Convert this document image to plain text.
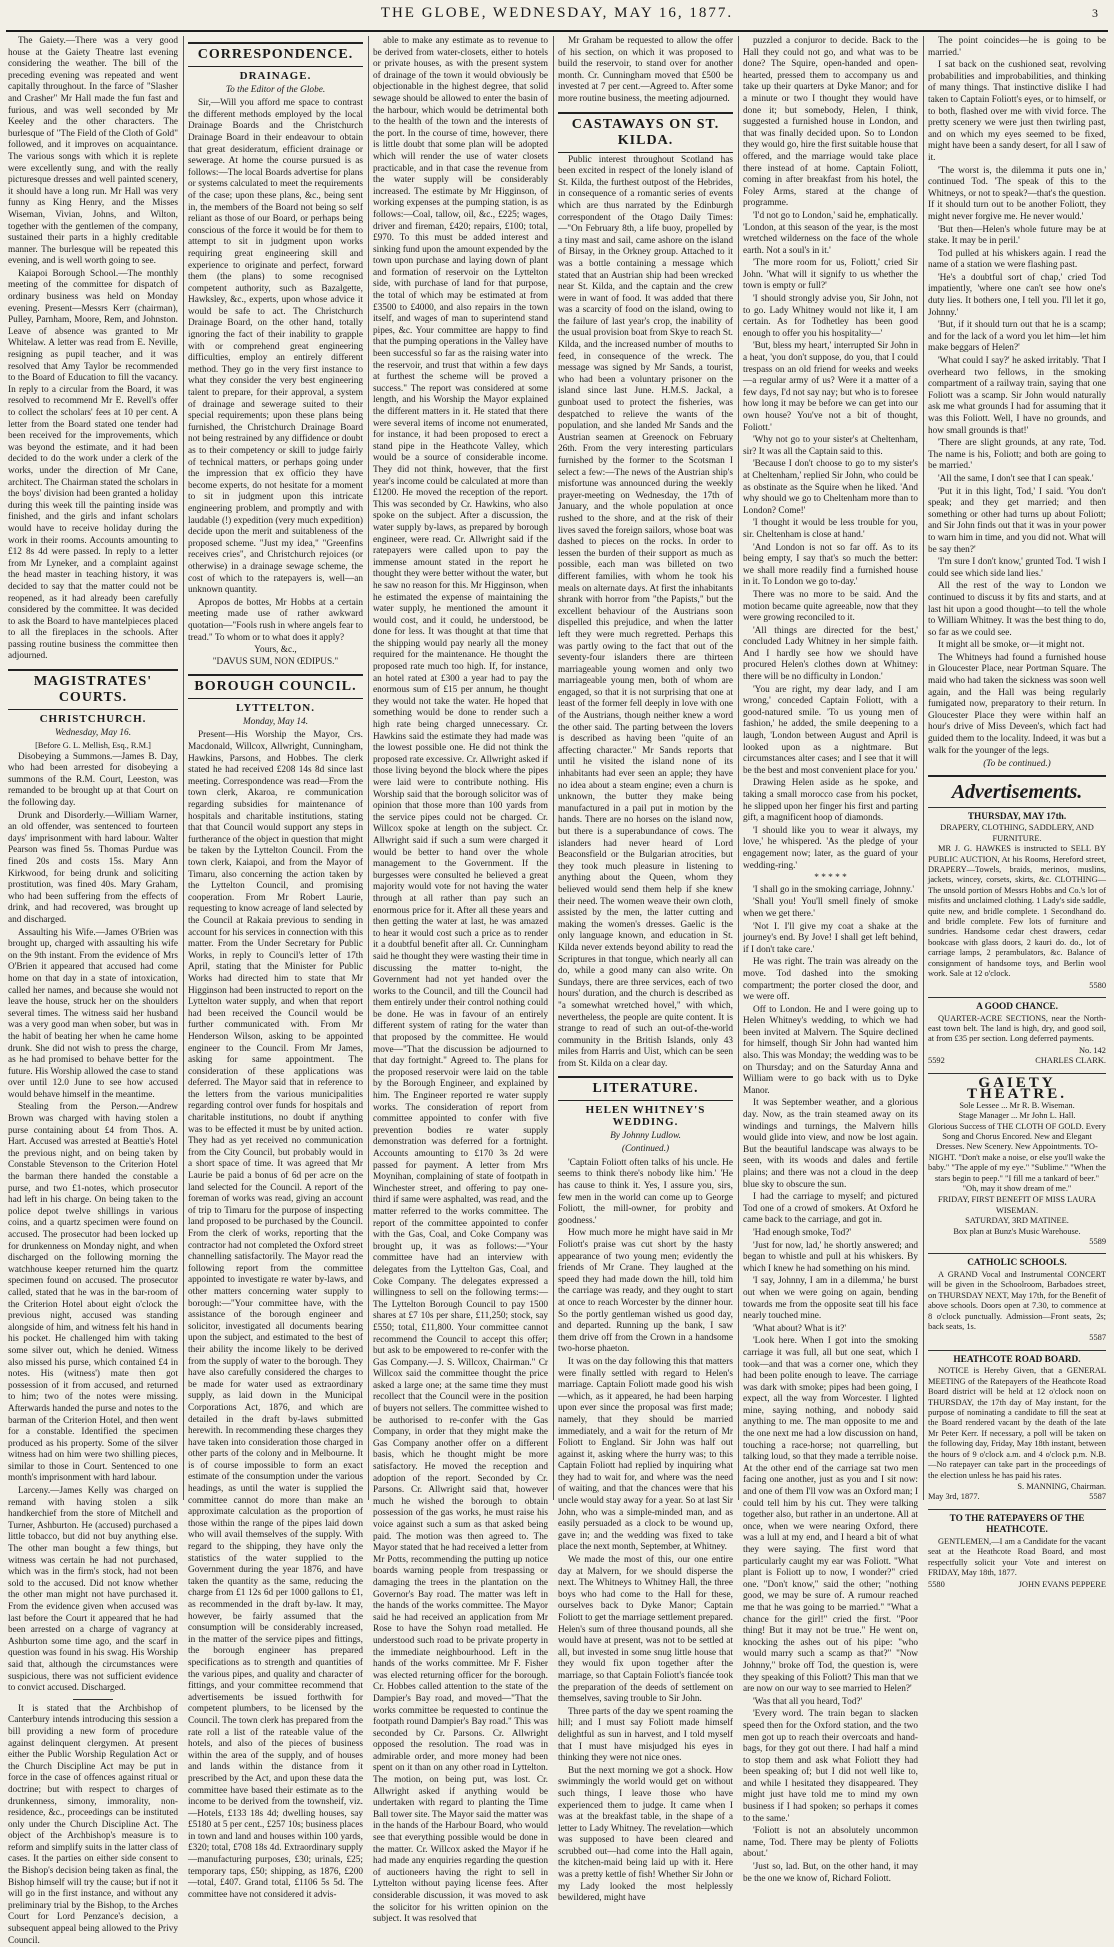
THE GLOBE, WEDNESDAY, MAY 16, 1877.	3

The Gaiety.—There was a very good house at the Gaiety Theatre last evening considering the weather. The bill of the preceding evening was repeated and went capitally throughout. In the farce of "Slasher and Crasher" Mr Hall made the fun fast and furious, and was well seconded by Mr Keeley and the other characters. The burlesque of "The Field of the Cloth of Gold" followed, and it improves on acquaintance. The various songs with which it is replete were excellently sung, and with the really picturesque dresses and well painted scenery, it should have a long run. Mr Hall was very funny as King Henry, and the Misses Wiseman, Vivian, Johns, and Wilton, together with the gentlemen of the company, sustained their parts in a highly creditable manner. The burlesque will be repeated this evening, and is well worth going to see.

Kaiapoi Borough School.—The monthly meeting of the committee for dispatch of ordinary business was held on Monday evening. Present—Messrs Kerr (chairman), Pulley, Parnham, Moore, Rem, and Johnston. Leave of absence was granted to Mr Whitelaw. A letter was read from E. Neville, resigning as pupil teacher, and it was resolved that Amy Taylor be recommended to the Board of Education to fill the vacancy. In reply to a circular from the Board, it was resolved to recommend Mr E. Revell's offer to collect the scholars' fees at 10 per cent. A letter from the Board stated one tender had been received for the improvements, which was beyond the estimate, and it had been decided to do the work under a clerk of the works, under the direction of Mr Cane, architect. The Chairman stated the scholars in the boys' division had been granted a holiday during this week till the painting inside was finished, and the girls and infant scholars would have to receive holiday during the work in their rooms. Accounts amounting to £12 8s 4d were passed. In reply to a letter from Mr Lyneker, and a complaint against the head master in teaching history, it was decided to say that the matter could not be reopened, as it had already been carefully considered by the committee. It was decided to ask the Board to have mantelpieces placed to all the fireplaces in the schools. After passing routine business the committee then adjourned.

MAGISTRATES' COURTS.
CHRISTCHURCH.
Wednesday, May 16.
[Before G. L. Mellish, Esq., R.M.]

Disobeying a Summons.—James B. Day, who had been arrested for disobeying a summons of the R.M. Court, Leeston, was remanded to be brought up at that Court on the following day.

Drunk and Disorderly.—William Warner, an old offender, was sentenced to fourteen days' imprisonment with hard labour. Walter Pearson was fined 5s. Thomas Purdue was fined 20s and costs 15s. Mary Ann Kirkwood, for being drunk and soliciting prostitution, was fined 40s. Mary Graham, who had been suffering from the effects of drink, and had recovered, was brought up and discharged.

Assaulting his Wife.—James O'Brien was brought up, charged with assaulting his wife on the 9th instant. From the evidence of Mrs O'Brien it appeared that accused had come home on that day in a state of intoxication, called her names, and because she would not leave the house, struck her on the shoulders several times. The witness said her husband was a very good man when sober, but was in the habit of beating her when he came home drunk. She did not wish to press the charge, as he had promised to behave better for the future. His Worship allowed the case to stand over until 12.0 June to see how accused would behave himself in the meantime.

Stealing from the Person.—Andrew Brown was charged with having stolen a purse containing about £4 from Thos. A. Hart. Accused was arrested at Beattie's Hotel the previous night, and on being taken by Constable Stevenson to the Criterion Hotel the barman there handed the constable a purse, and two £1-notes, which prosecutor had left in his charge. On being taken to the police depot twelve shillings in various coins, and a quartz specimen were found on accused. The prosecutor had been locked up for drunkenness on Monday night, and when discharged on the following morning the watchhouse keeper returned him the quartz specimen found on accused. The prosecutor called, stated that he was in the bar-room of the Criterion Hotel about eight o'clock the previous night, accused was standing alongside of him, and witness felt his hand in his pocket. He challenged him with taking some silver out, which he denied. Witness also missed his purse, which contained £4 in notes. His (witness') mate then got possession of it from accused, and returned to him; two of the notes were missing. Afterwards handed the purse and notes to the barman of the Criterion Hotel, and then went for a constable. Identified the specimen produced as his property. Some of the silver witness had on him were two shilling pieces, similar to those in Court. Sentenced to one month's imprisonment with hard labour.

Larceny.—James Kelly was charged on remand with having stolen a silk handkerchief from the store of Mitchell and Turner, Ashburton. He (accused) purchased a little tobacco, but did not buy anything else. The other man bought a few things, but witness was certain he had not purchased, which was in the firm's stock, had not been sold to the accused. Did not know whether the other man might not have purchased it. From the evidence given when accused was last before the Court it appeared that he had been arrested on a charge of vagrancy at Ashburton some time ago, and the scarf in question was found in his swag. His Worship said that, although the circumstances were suspicious, there was not sufficient evidence to convict accused. Discharged.

It is stated that the Archbishop of Canterbury intends introducing this session a bill providing a new form of procedure against delinquent clergymen. At present either the Public Worship Regulation Act or the Church Discipline Act may be put in force in the case of offences against ritual or doctrine; but with respect to charges of drunkenness, simony, immorality, non-residence, &c., proceedings can be instituted only under the Church Discipline Act. The object of the Archbishop's measure is to reform and simplify suits in the latter class of cases. It the parties on either side consent to the Bishop's decision being taken as final, the Bishop himself will try the cause; but if not it will go in the first instance, and without any preliminary trial by the Bishop, to the Arches Court for Lord Penzance's decision, a subsequent appeal being allowed to the Privy Council.

CORRESPONDENCE.
DRAINAGE.
To the Editor of the Globe.

Sir,—Will you afford me space to contrast the different methods employed by the local Drainage Boards and the Christchurch Drainage Board in their endeavour to obtain that great desideratum, efficient drainage or sewerage. At home the course pursued is as follows:—The local Boards advertise for plans or systems calculated to meet the requirements of the case; upon these plans, &c., being sent in, the members of the Board not being so self reliant as those of our Board, or perhaps being conscious of the force it would be for them to attempt to sit in judgment upon works requiring great engineering skill and experience to originate and perfect, forward them (the plans) to some recognised competent authority, such as Bazalgette, Hawksley, &c., experts, upon whose advice it would be safe to act. The Christchurch Drainage Board, on the other hand, totally ignoring the fact of their inability to grapple with or comprehend great engineering difficulties, employ an entirely different method. They go in the very first instance to what they consider the very best engineering talent to prepare, for their approval, a system of drainage and sewerage suited to their special requirements; upon these plans being furnished, the Christchurch Drainage Board not being restrained by any diffidence or doubt as to their competency or skill to judge fairly of technical matters, or perhaps going under the impression that ex officio they have become experts, do not hesitate for a moment to sit in judgment upon this intricate engineering problem, and promptly and with laudable (!) expedition (very much expedition) decide upon the merit and suitableness of the proposed scheme. "Just my idea," "Greenfins receives cries", and Christchurch rejoices (or otherwise) in a drainage sewage scheme, the cost of which to the ratepayers is, well—an unknown quantity.

Apropos de bottes, Mr Hobbs at a certain meeting made use of rather awkward quotation—"Fools rush in where angels fear to tread." To whom or to what does it apply?

Yours, &c.,
"DAVUS SUM, NON ŒDIPUS."
BOROUGH COUNCIL.
LYTTELTON.
Monday, May 14.

Present—His Worship the Mayor, Crs. Macdonald, Willcox, Allwright, Cunningham, Hawkins, Parsons, and Hobbes. The clerk stated he had received £208 14s 8d since last meeting. Correspondence was read—From the town clerk, Akaroa, re communication regarding subsidies for maintenance of hospitals and charitable institutions, stating that that Council would support any steps in furtherance of the object in question that might be taken by the Lyttelton Council. From the town clerk, Kaiapoi, and from the Mayor of Timaru, also concerning the action taken by the Lyttelton Council, and promising cooperation. From Mr Robert Laurie, requesting to know acreage of land selected by the Council at Rakaia previous to sending in account for his services in connection with this matter. From the Under Secretary for Public Works, in reply to Council's letter of 17th April, stating that the Minister for Public Works had directed him to state that Mr Higginson had been instructed to report on the Lyttelton water supply, and when that report had been received the Council would be further communicated with. From Mr Henderson Wilson, asking to be appointed engineer to the Council. From Mr James, asking for same appointment. The consideration of these applications was deferred. The Mayor said that in reference to the letters from the various municipalities regarding control over funds for hospitals and charitable institutions, no doubt if anything was to be effected it must be by united action. They had as yet received no communication from the City Council, but probably would in a short space of time. It was agreed that Mr Laurie be paid a bonus of 6d per acre on the land selected for the Council. A report of the foreman of works was read, giving an account of trip to Timaru for the purpose of inspecting land proposed to be purchased by the Council. From the clerk of works, reporting that the contractor had not completed the Oxford street channelling satisfactorily. The Mayor read the following report from the committee appointed to investigate re water by-laws, and other matters concerning water supply to borough:—"Your committee have, with the assistance of the borough engineer and solicitor, investigated all documents bearing upon the subject, and estimated to the best of their ability the income likely to be derived from the supply of water to the borough. They have also carefully considered the charges to be made for water used as extraordinary supply, as laid down in the Municipal Corporations Act, 1876, and which are detailed in the draft by-laws submitted herewith. In recommending these charges they have taken into consideration those charged in other parts of the colony and in Melbourne. It is of course impossible to form an exact estimate of the consumption under the various headings, as until the water is supplied the committee cannot do more than make an approximate calculation as the proportion of those within the range of the pipes laid down who will avail themselves of the supply. With regard to the shipping, they have only the statistics of the water supplied to the Government during the year 1876, and have taken the quantity as the same, reducing the charge from £1 12s 6d per 1000 gallons to £1, as recommended in the draft by-law. It may, however, be fairly assumed that the consumption will be considerably increased, in the matter of the service pipes and fittings, the borough engineer has prepared specifications as to strength and quantities of the various pipes, and quality and character of fittings, and your committee recommend that advertisements be issued forthwith for competent plumbers, to be licensed by the Council. The town clerk has prepared from the rate roll a list of the rateable value of the hotels, and also of the pieces of business within the area of the supply, and of houses and lands within the distance from it prescribed by the Act, and upon these data the committee have based their estimate as to the income to be derived from the townsheif, viz.—Hotels, £133 18s 4d; dwelling houses, say £5180 at 5 per cent., £257 10s; business places in town and land and houses within 100 yards, £320; total, £708 18s 4d. Extraordinary supply—manufacturing purposes, £30; urinals, £25; temporary taps, £50; shipping, as 1876, £200—total, £407. Grand total, £1106 5s 5d. The committee have not considered it advis-

able to make any estimate as to revenue to be derived from water-closets, either to hotels or private houses, as with the present system of drainage of the town it would obviously be objectionable in the highest degree, that solid sewage should be allowed to enter the basin of the harbour, which would be detrimental both to the health of the town and the interests of the port. In the course of time, however, there is little doubt that some plan will be adopted which will render the use of water closets practicable, and in that case the revenue from the water supply will be considerably increased. The estimate by Mr Higginson, of working expenses at the pumping station, is as follows:—Coal, tallow, oil, &c., £225; wages, driver and fireman, £420; repairs, £100; total, £970. To this must be added interest and sinking fund upon the amount expended by the town upon purchase and laying down of plant and formation of reservoir on the Lyttelton side, with purchase of land for that purpose, the total of which may be estimated at from £3500 to £4000, and also repairs in the town itself, and wages of man to superintend stand pipes, &c. Your committee are happy to find that the pumping operations in the Valley have been successful so far as the raising water into the reservoir, and trust that within a few days at furthest the scheme will be proved a success." The report was considered at some length, and his Worship the Mayor explained the different matters in it. He stated that there were several items of income not enumerated, for instance, it had been proposed to erect a stand pipe in the Heathcote Valley, which would be a source of considerable income. They did not think, however, that the first year's income could be calculated at more than £1200. He moved the reception of the report. This was seconded by Cr. Hawkins, who also spoke on the subject. After a discussion, the water supply by-laws, as prepared by borough engineer, were read. Cr. Allwright said if the ratepayers were called upon to pay the immense amount stated in the report he thought they were better without the water, but he saw no reason for this. Mr Higginson, when he estimated the expense of maintaining the water supply, he mentioned the amount it would cost, and it could, he understood, be done for less. It was thought at that time that the shipping would pay nearly all the money required for the maintenance. He thought the proposed rate much too high. If, for instance, an hotel rated at £300 a year had to pay the enormous sum of £15 per annum, he thought they would not take the water. He hoped that something would be done to render such a high rate being charged unnecessary. Cr. Hawkins said the estimate they had made was the lowest possible one. He did not think the proposed rate excessive. Cr. Allwright asked if those living beyond the block where the pipes were laid were to contribute nothing. His Worship said that the borough solicitor was of opinion that those more than 100 yards from the service pipes could not be charged. Cr. Willcox spoke at length on the subject. Cr. Allwright said if such a sum were charged it would be better to hand over the whole management to the Government. If the burgesses were consulted he believed a great majority would vote for not having the water through at all rather than pay such an enormous price for it. After all these years and then getting the water at last, he was amazed to hear it would cost such a price as to render it a doubtful benefit after all. Cr. Cunningham said he thought they were wasting their time in discussing the matter to-night, the Government had not yet handed over the works to the Council, and till the Council had them entirely under their control nothing could be done. He was in favour of an entirely different system of rating for the water than that proposed by the committee. He would move—"That the discussion be adjourned to that day fortnight." Agreed to. The plans for the proposed reservoir were laid on the table by the Borough Engineer, and explained by him. The Engineer reported re water supply works. The consideration of report from committee appointed to confer with five prevention bodies re water supply demonstration was deferred for a fortnight. Accounts amounting to £170 3s 2d were passed for payment. A letter from Mrs Moynihan, complaining of state of footpath in Winchester street, and offering to pay one-third if same were asphalted, was read, and the matter referred to the works committee. The report of the committee appointed to confer with the Gas, Coal, and Coke Company was brought up, it was as follows:—"Your committee have had an interview with delegates from the Lyttelton Gas, Coal, and Coke Company. The delegates expressed a willingness to sell on the following terms:—The Lyttelton Borough Council to pay 1500 shares at £7 10s per share, £11,250; stock, say £550; total, £11,800. Your committee cannot recommend the Council to accept this offer; but ask to be empowered to re-confer with the Gas Company.—J. S. Willcox, Chairman." Cr Willcox said the committee thought the price asked a large one; at the same time they must recollect that the Council were in the position of buyers not sellers. The committee wished to be authorised to re-confer with the Gas Company, in order that they might make the Gas Company another offer on a different basis, which he thought might be more satisfactory. He moved the reception and adoption of the report. Seconded by Cr. Parsons. Cr. Allwright said that, however much he wished the borough to obtain possession of the gas works, he must raise his voice against such a sum as that asked being paid. The motion was then agreed to. The Mayor stated that he had received a letter from Mr Potts, recommending the putting up notice boards warning people from trespassing or damaging the trees in the plantation on the Governor's Bay road. The matter was left in the hands of the works committee. The Mayor said he had received an application from Mr Rose to have the Sohyn road metalled. He understood such road to be private property in the immediate neighbourhood. Left in the hands of the works committee. Mr F. Fisher was elected returning officer for the borough. Cr. Hobbes called attention to the state of the Dampier's Bay road, and moved—"That the works committee be requested to continue the footpath round Dampier's Bay road." This was seconded by Cr. Parsons. Cr. Allwright opposed the resolution. The road was in admirable order, and more money had been spent on it than on any other road in Lyttelton. The motion, on being put, was lost. Cr. Allwright asked if anything would be undertaken with regard to planting the Time Ball tower site. The Mayor said the matter was in the hands of the Harbour Board, who would see that everything possible would be done in the matter. Cr. Willcox asked the Mayor if he had made any enquiries regarding the question of auctioneers having the right to sell in Lyttelton without paying license fees. After considerable discussion, it was moved to ask the solicitor for his written opinion on the subject. It was resolved that

Mr Graham be requested to allow the offer of his section, on which it was proposed to build the reservoir, to stand over for another month. Cr. Cunningham moved that £500 be invested at 7 per cent.—Agreed to. After some more routine business, the meeting adjourned.

CASTAWAYS ON ST. KILDA.

Public interest throughout Scotland has been excited in respect of the lonely island of St. Kilda, the furthest outpost of the Hebrides, in consequence of a romantic series of events which are thus narrated by the Edinburgh correspondent of the Otago Daily Times:—"On February 8th, a life buoy, propelled by a tiny mast and sail, came ashore on the island of Birsay, in the Orkney group. Attached to it was a bottle containing a message which stated that an Austrian ship had been wrecked near St. Kilda, and the captain and the crew were in want of food. It was added that there was a scarcity of food on the island, owing to the failure of last year's crop, the inability of the usual provision boat from Skye to reach St. Kilda, and the increased number of mouths to feed, in consequence of the wreck. The message was signed by Mr Sands, a tourist, who had been a voluntary prisoner on the island since last June. H.M.S. Jackal, a gunboat used to protect the fisheries, was despatched to relieve the wants of the population, and she landed Mr Sands and the Austrian seamen at Greenock on February 26th. From the very interesting particulars furnished by the former to the Scotsman I select a few:—The news of the Austrian ship's misfortune was announced during the weekly prayer-meeting on Wednesday, the 17th of January, and the whole population at once rushed to the shore, and at the risk of their lives saved the foreign sailors, whose boat was dashed to pieces on the rocks. In order to lessen the burden of their support as much as possible, each man was billeted on two different families, with whom he took his meals on alternate days. At first the inhabitants shrank with horror from "the Papists," but the excellent behaviour of the Austrians soon dispelled this prejudice, and when the latter left they were much regretted. Perhaps this was partly owing to the fact that out of the seventy-four islanders there are thirteen marriageable young women and only two marriageable young men, both of whom are engaged, so that it is not surprising that one at least of the former fell deeply in love with one of the Austrians, though neither knew a word the other said. The parting between the lovers is described as having been "quite of an affecting character." Mr Sands reports that until he visited the island none of its inhabitants had ever seen an apple; they have no idea about a steam engine; even a churn is unknown, the butter they make being manufactured in a pail put in motion by the hands. There are no horses on the island now, but there is a superabundance of cows. The islanders had never heard of Lord Beaconsfield or the Bulgarian atrocities, but they took much pleasure in listening to anything about the Queen, whom they believed would send them help if she knew their need. The women weave their own cloth, assisted by the men, the latter cutting and making the women's dresses. Gaelic is the only language known, and education in St. Kilda never extends beyond ability to read the Scriptures in that tongue, which nearly all can do, while a good many can also write. On Sundays, there are three services, each of two hours' duration, and the church is described as "a somewhat wretched hovel," with which, nevertheless, the people are quite content. It is strange to read of such an out-of-the-world community in the British Islands, only 43 miles from Harris and Uist, which can be seen from St. Kilda on a clear day.

LITERATURE.
HELEN WHITNEY'S WEDDING.
By Johnny Ludlow.
(Continued.)

'Captain Foliott often talks of his uncle. He seems to think there's nobody like him.' 'He has cause to think it. Yes, I assure you, sirs, few men in the world can come up to George Foliott, the mill-owner, for probity and goodness.'

How much more he might have said in Mr Foliott's praise was cut short by the hasty appearance of two young men; evidently the friends of Mr Crane. They laughed at the speed they had made down the hill, told him the carriage was ready, and they ought to start at once to reach Worcester by the dinner hour. So the portly gentleman wished us good day, and departed. Running up the bank, I saw them drive off from the Crown in a handsome two-horse phaeton.

It was on the day following this that matters were finally settled with regard to Helen's marriage. Captain Foliott made good his wish—which, as it appeared, he had been harping upon ever since the proposal was first made; namely, that they should be married immediately, and a wait for the return of Mr Foliott to England. Sir John was half out against it, asking where the hurry was; to this Captain Foliott had replied by inquiring what they had to wait for, and where was the need of waiting, and that the chances were that his uncle would stay away for a year. So at last Sir John, who was a simple-minded man, and as easily persuaded as a clock to be wound up, gave in; and the wedding was fixed to take place the next month, September, at Whitney.

We made the most of this, our one entire day at Malvern, for we should disperse the next. The Whitneys to Whitney Hall, the three boys who had come to the Hall for these, ourselves back to Dyke Manor; Captain Foliott to get the marriage settlement prepared. Helen's sum of three thousand pounds, all she would have at present, was not to be settled at all, but invested in some snug little house that they would fix upon together after the marriage, so that Captain Foliott's fiancée took the preparation of the deeds of settlement on themselves, saving trouble to Sir John.

Three parts of the day we spent roaming the hill; and I must say Foliott made himself delightful as sun in harvest, and I told myself that I must have misjudged his eyes in thinking they were not nice ones.

But the next morning we got a shock. How swimmingly the world would get on without such things, I leave those who have experienced them to judge. It came when I was at the breakfast table, in the shape of a letter to Lady Whitney. The revelation—which was supposed to have been cleared and scrubbed out—had come into the Hall again, the kitchen-maid being laid up with it. Here was a pretty kettle of fish! Whether Sir John or my Lady looked the most helplessly bewildered, might have

puzzled a conjuror to decide. Back to the Hall they could not go, and what was to be done? The Squire, open-handed and open-hearted, pressed them to accompany us and take up their quarters at Dyke Manor; and for a minute or two I thought they would have done it; but somebody, Helen, I think, suggested a furnished house in London, and that was finally decided upon. So to London they would go, hire the first suitable house that offered, and the marriage would take place there instead of at home. Captain Foliott, coming in after breakfast from his hotel, the Foley Arms, stared at the change of programme.

'I'd not go to London,' said he, emphatically. 'London, at this season of the year, is the most wretched wilderness on the face of the whole earth. Not a soul's in it.'

'The more room for us, Foliott,' cried Sir John. 'What will it signify to us whether the town is empty or full?'

'I should strongly advise you, Sir John, not to go. Lady Whitney would not like it, I am certain. As for Todhetley has been good enough to offer you his hospitality—'

'But, bless my heart,' interrupted Sir John in a heat, 'you don't suppose, do you, that I could trespass on an old friend for weeks and weeks—a regular army of us? Were it a matter of a few days, I'd not say nay; but who is to foresee how long it may be before we can get into our own house? You've not a bit of thought, Foliott.'

'Why not go to your sister's at Cheltenham, sir? It was all the Captain said to this.

'Because I don't choose to go to my sister's at Cheltenham,' replied Sir John, who could be as obstinate as the Squire when he liked. 'And why should we go to Cheltenham more than to London? Come!'

'I thought it would be less trouble for you, sir. Cheltenham is close at hand.'

'And London is not so far off. As to its being empty, I say that's so much the better: we shall more readily find a furnished house in it. To London we go to-day.'

There was no more to be said. And the motion became quite agreeable, now that they were growing reconciled to it.

'All things are directed for the best,' concluded Lady Whitney in her simple faith. And I hardly see how we should have procured Helen's clothes down at Whitney: there will be no difficulty in London.'

'You are right, my dear lady, and I am wrong,' conceded Captain Foliott, with a good-natured smile. 'To us young men of fashion,' he added, the smile deepening to a laugh, 'London between August and April is looked upon as a nightmare. But circumstances alter cases; and I see that it will be the best and most convenient place for you.'

Drawing Helen aside as he spoke, and taking a small morocco case from his pocket, he slipped upon her finger his first and parting gift, a magnificent hoop of diamonds.

'I should like you to wear it always, my love,' he whispered. 'As the pledge of your engagement now; later, as the guard of your wedding-ring.'

* * * * *

'I shall go in the smoking carriage, Johnny.'

'Shall you! You'll smell finely of smoke when we get there.'

'Not I. I'll give my coat a shake at the journey's end. By Jove! I shall get left behind, if I don't take care.'

He was right. The train was already on the move. Tod dashed into the smoking compartment; the porter closed the door, and we were off.

Off to London. He and I were going up to Helen Whitney's wedding, to which we had been invited at Malvern. The Squire declined for himself, though Sir John had wanted him also. This was Monday; the wedding was to be on Thursday; and on the Saturday Anna and William were to go back with us to Dyke Manor.

It was September weather, and a glorious day. Now, as the train steamed away on its windings and turnings, the Malvern hills would glide into view, and now be lost again. But the beautiful landscape was always to be seen, with its woods and dales and fertile plains; and there was not a cloud in the deep blue sky to obscure the sun.

I had the carriage to myself; and pictured Tod one of a crowd of smokers. At Oxford he came back to the carriage, and got in.

'Had enough smoke, Tod?'

'Just for now, lad,' he shortly answered; and began to whistle and pull at his whiskers. By which I knew he had something on his mind.

'I say, Johnny, I am in a dilemma,' he burst out when we were going on again, bending towards me from the opposite seat till his face nearly touched mine.

'What about? What is it?'

'Look here. When I got into the smoking carriage it was full, all but one seat, which I took—and that was a corner one, which they had been polite enough to leave. The carriage was dark with smoke; pipes had been going, I expect, all the way from Worcester. I lighted mine, saying nothing, and nobody said anything to me. The man opposite to me and the one next me had a low discussion on hand, touching a race-horse; not quarrelling, but talking loud, so that they made a terrible noise. At the other end of the carriage sat two men facing one another, just as you and I sit now: and one of them I'll vow was an Oxford man; I could tell him by his cut. They were talking together also, but rather in an undertone. All at once, when we were nearing Oxford, there was a lull at my end, and I heard a bit of what they were saying. The first word that particularly caught my ear was Foliott. "What plant is Foliott up to now, I wonder?" cried one. "Don't know," said the other; "nothing good, we may be sure of. A rumour reached me that he was going to be married." "What a chance for the girl!" cried the first. "Poor thing! But it may not be true." He went on, knocking the ashes out of his pipe: "who would marry such a scamp as that?" "Now Johnny," broke off Tod, the question is, were they speaking of this Foliott? This man that we are now on our way to see married to Helen?'

'Was that all you heard, Tod?'

'Every word. The train began to slacken speed then for the Oxford station, and the two men got up to reach their overcoats and hand-bags, for they got out there. I had half a mind to stop them and ask what Foliott they had been speaking of; but I did not well like to, and while I hesitated they disappeared. They might just have told me to mind my own business if I had spoken; so perhaps it comes to the same.'

'Foliott is not an absolutely uncommon name, Tod. There may be plenty of Foliotts about.'

'Just so, lad. But, on the other hand, it may be the one we know of, Richard Foliott.

The point coincides—he is going to be married.'

I sat back on the cushioned seat, revolving probabilities and improbabilities, and thinking of many things. That instinctive dislike I had taken to Captain Foliott's eyes, or to himself, or to both, flashed over me with vivid force. The pretty scenery we were just then twirling past, and on which my eyes seemed to be fixed, might have been a sandy desert, for all I saw of it.

'The worst is, the dilemma it puts one in,' continued Tod. 'The speak of this to the Whitneys, or not to speak?—that's the question. If it should turn out to be another Foliott, they might never forgive me. He never would.'

'But then—Helen's whole future may be at stake. It may be in peril.'

Tod pulled at his whiskers again. I read the name of a station we were flashing past.

'He's a doubtful sort of chap,' cried Tod impatiently, 'where one can't see how one's duty lies. It bothers one, I tell you. I'll let it go, Johnny.'

'But, if it should turn out that he is a scamp; and for the lack of a word you let him—let him make beggars of Helen?'

'What could I say?' he asked irritably. 'That I overheard two fellows, in the smoking compartment of a railway train, saying that one Foliott was a scamp. Sir John would naturally ask me what grounds I had for assuming that it was this Foliott. Well, I have no grounds, and how small grounds is that!'

'There are slight grounds, at any rate, Tod. The name is his, Foliott; and both are going to be married.'

'All the same, I don't see that I can speak.'

'Put it in this light, Tod,' I said. 'You don't speak; and they get married; and then something or other had turns up about Foliott; and Sir John finds out that it was in your power to warn him in time, and you did not. What will be say then?'

'I'm sure I don't know,' grunted Tod. 'I wish I could see which side land lies.'

All the rest of the way to London we continued to discuss it by fits and starts, and at last hit upon a good thought—to tell the whole to William Whitney. It was the best thing to do, so far as we could see.

It might all be smoke, or—it might not.

The Whitneys had found a furnished house in Gloucester Place, near Portman Square. The maid who had taken the sickness was soon well again, and the Hall was being regularly fumigated now, preparatory to their return. In Gloucester Place they were within half an hour's drive of Miss Deveen's, which fact had guided them to the locality. Indeed, it was but a walk for the younger of the legs.

(To be continued.)
Advertisements.
THURSDAY, MAY 17th.
DRAPERY, CLOTHING, SADDLERY, AND FURNITURE.

MR J. G. HAWKES is instructed to SELL BY PUBLIC AUCTION, At his Rooms, Hereford street, DRAPERY—Towels, braids, merinos, muslins, jackets, wincey, corsets, skirts, &c. CLOTHING—The unsold portion of Messrs Hobbs and Co.'s lot of misfits and unclaimed clothing. 1 Lady's side saddle, quite new, and bridle complete. 1 Secondhand do. and bridle complete. Few lots of furniture and sundries. Handsome cedar chest drawers, cedar bookcase with glass doors, 2 kauri do. do., lot of carriage lamps, 2 perambulators, &c. Balance of consignment of handsome toys, and Berlin wool work. Sale at 12 o'clock.

5580
A GOOD CHANCE.

QUARTER-ACRE SECTIONS, near the North-east town belt. The land is high, dry, and good soil, at from £35 per section. Long deferred payments.

No. 142
5592	CHARLES CLARK.
GAIETY THEATRE.
Sole Lessee ... Mr R. B. Wiseman.
Stage Manager ... Mr John L. Hall.

Glorious Success of THE CLOTH OF GOLD. Every Song and Chorus Encored. New and Elegant Dresses. New Scenery. New Appointments. TO-NIGHT. "Don't make a noise, or else you'll wake the baby." "The apple of my eye." "Sublime." "When the stars begin to peep." "I fill me a tankard of beer." "Oh, may it show dream of me."

FRIDAY, FIRST BENEFIT OF MISS LAURA WISEMAN.
SATURDAY, 3RD MATINEE.
Box plan at Bunz's Music Warehouse.
5589
CATHOLIC SCHOOLS.

A GRAND Vocal and Instrumental CONCERT will be given in the Schoolroom, Barbadoes street, on THURSDAY NEXT, May 17th, for the Benefit of above schools. Doors open at 7.30, to commence at 8 o'clock punctually. Admission—Front seats, 2s; back seats, 1s.

5587
HEATHCOTE ROAD BOARD.

NOTICE is Hereby Given, that a GENERAL MEETING of the Ratepayers of the Heathcote Road Board district will be held at 12 o'clock noon on THURSDAY, the 17th day of May instant, for the purpose of nominating a candidate to fill the seat at the Board rendered vacant by the death of the late Mr Peter Kerr. If necessary, a poll will be taken on the following day, Friday, May 18th instant, between the hours of 9 o'clock a.m. and 4 o'clock p.m. N.B.—No ratepayer can take part in the proceedings of the election unless he has paid his rates.

S. MANNING, Chairman.
May 3rd, 1877.	5587
TO THE RATEPAYERS OF THE HEATHCOTE.

GENTLEMEN,—I am a Candidate for the vacant seat at the Heathcote Road Board, and most respectfully solicit your Vote and interest on FRIDAY, May 18th, 1877.

5580	JOHN EVANS PEPPERE
